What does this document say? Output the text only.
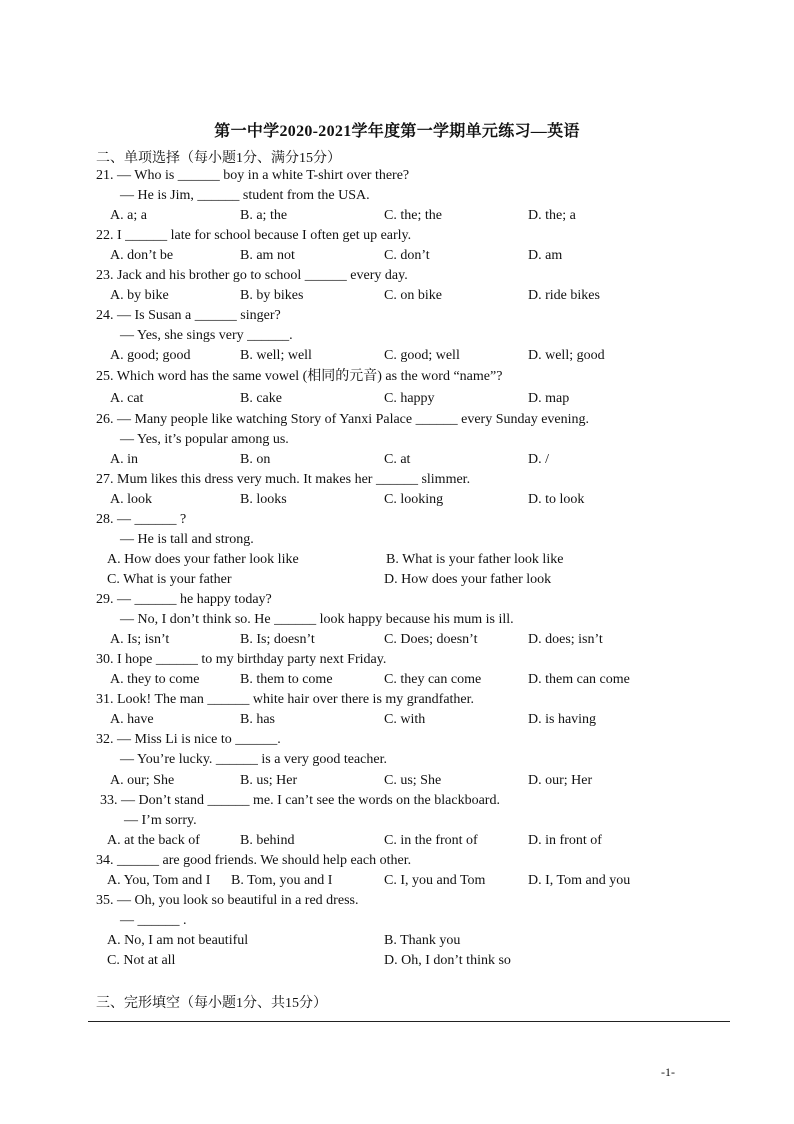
第一中学2020-2021学年度第一学期单元练习—英语
二、单项选择（每小题1分、满分15分）
21. — Who is ______ boy in a white T-shirt over there?
— He is Jim, ______ student from the USA.
A. a; a	B. a; the	C. the; the	D. the; a
22. I ______ late for school because I often get up early.
A. don’t be	B. am not	C. don’t	D. am
23. Jack and his brother go to school ______ every day.
A. by bike	B. by bikes	C. on bike	D. ride bikes
24. — Is Susan a ______ singer?
— Yes, she sings very ______.
A. good; good	B. well; well	C. good; well	D. well; good
25. Which word has the same vowel (相同的元音) as the word “name”?
A. cat	B. cake	C. happy	D. map
26. — Many people like watching Story of Yanxi Palace ______ every Sunday evening.
— Yes, it’s popular among us.
A. in	B. on	C. at	D. /
27. Mum likes this dress very much. It makes her ______ slimmer.
A. look	B. looks	C. looking	D. to look
28. — ______ ?
— He is tall and strong.
A. How does your father look like	B. What is your father look like
C. What is your father	D. How does your father look
29. — ______ he happy today?
— No, I don’t think so. He ______ look happy because his mum is ill.
A. Is; isn’t	B. Is; doesn’t	C. Does; doesn’t	D. does; isn’t
30. I hope ______ to my birthday party next Friday.
A. they to come	B. them to come	C. they can come	D. them can come
31. Look! The man ______ white hair over there is my grandfather.
A. have	B. has	C. with	D. is having
32. — Miss Li is nice to ______.
— You’re lucky. ______ is a very good teacher.
A. our; She	B. us; Her	C. us; She	D. our; Her
33. — Don’t stand ______ me. I can’t see the words on the blackboard.
— I’m sorry.
A. at the back of	B. behind	C. in the front of	D. in front of
34. ______ are good friends. We should help each other.
A. You, Tom and I B. Tom, you and I	C. I, you and Tom	D. I, Tom and you
35. — Oh, you look so beautiful in a red dress.
— ______ .
A. No, I am not beautiful	B. Thank you
C. Not at all	D. Oh, I don’t think so
三、完形填空（每小题1分、共15分）
-1-
